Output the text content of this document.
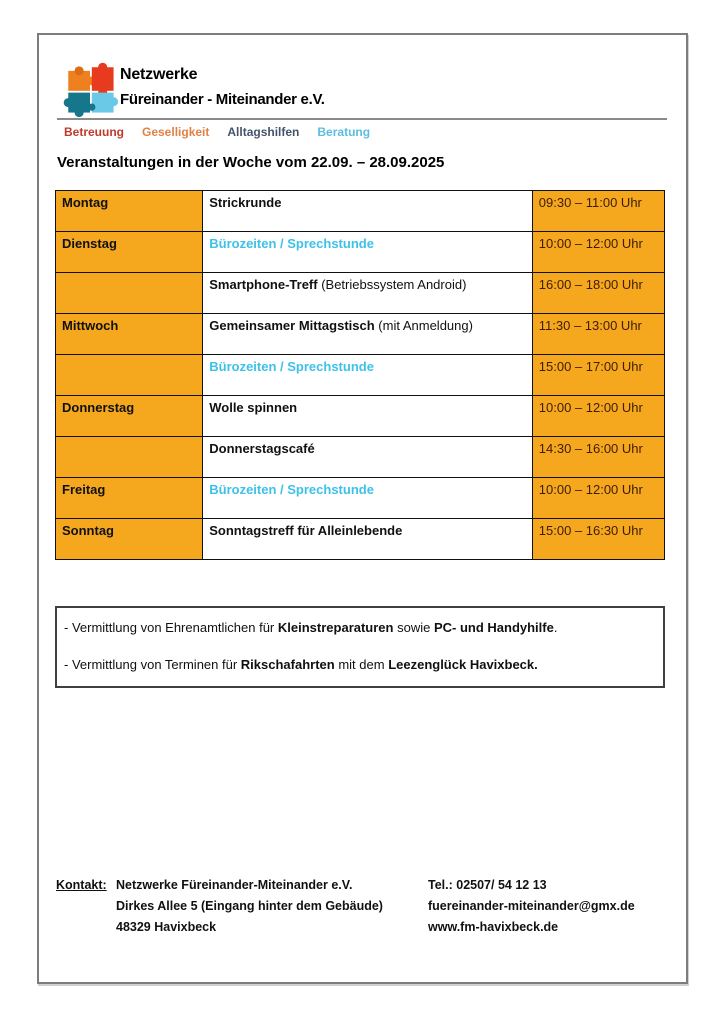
Netzwerke
Füreinander - Miteinander e.V.
Betreuung Geselligkeit Alltagshilfen Beratung
Veranstaltungen in der Woche vom 22.09. – 28.09.2025
Montag	Strickrunde	09:30 – 11:00 Uhr
Dienstag	Bürozeiten / Sprechstunde	10:00 – 12:00 Uhr
	Smartphone-Treff (Betriebssystem Android)	16:00 – 18:00 Uhr
Mittwoch	Gemeinsamer Mittagstisch (mit Anmeldung)	11:30 – 13:00 Uhr
	Bürozeiten / Sprechstunde	15:00 – 17:00 Uhr
Donnerstag	Wolle spinnen	10:00 – 12:00 Uhr
	Donnerstagscafé	14:30 – 16:00 Uhr
Freitag	Bürozeiten / Sprechstunde	10:00 – 12:00 Uhr
Sonntag	Sonntagstreff für Alleinlebende	15:00 – 16:30 Uhr
- Vermittlung von Ehrenamtlichen für Kleinstreparaturen sowie PC- und Handyhilfe.
- Vermittlung von Terminen für Rikschafahrten mit dem Leezenglück Havixbeck.
Kontakt: Netzwerke Füreinander-Miteinander e.V.
Dirkes Allee 5 (Eingang hinter dem Gebäude)
48329 Havixbeck
Tel.: 02507/ 54 12 13
fuereinander-miteinander@gmx.de
www.fm-havixbeck.de
